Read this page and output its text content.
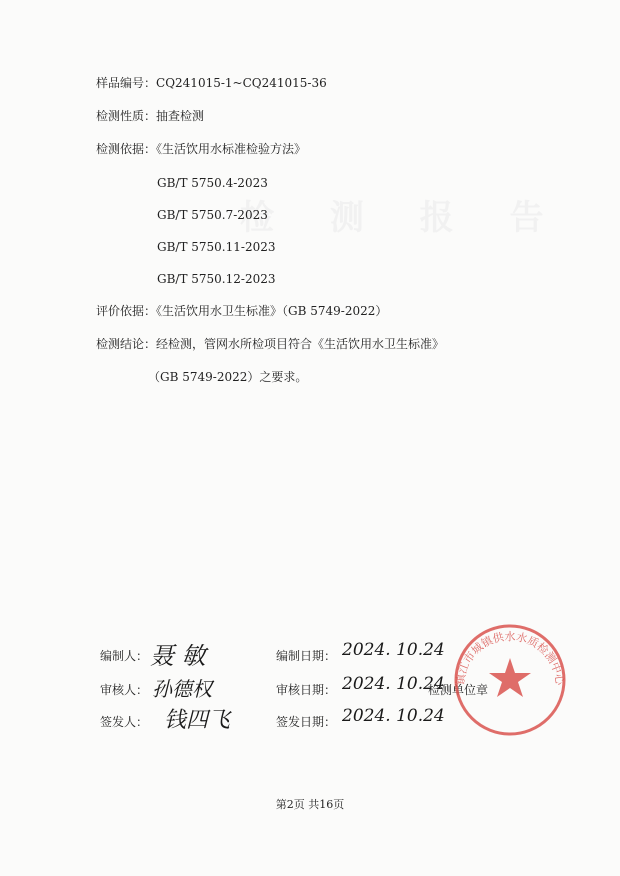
检 测 报 告
样品编号：CQ241015-1~CQ241015-36
检测性质：抽查检测
检测依据：《生活饮用水标准检验方法》
GB/T 5750.4-2023
GB/T 5750.7-2023
GB/T 5750.11-2023
GB/T 5750.12-2023
评价依据：《生活饮用水卫生标准》（GB 5749-2022）
检测结论：经检测，管网水所检项目符合《生活饮用水卫生标准》
（GB 5749-2022）之要求。
编制人： 聂 敏
审核人： 孙德权
签发人： 钱四飞
编制日期： 2024. 10.24
审核日期： 2024. 10.24
检测单位章
签发日期： 2024. 10.24
镇江市城镇供水水质检测中心
第2页 共16页
